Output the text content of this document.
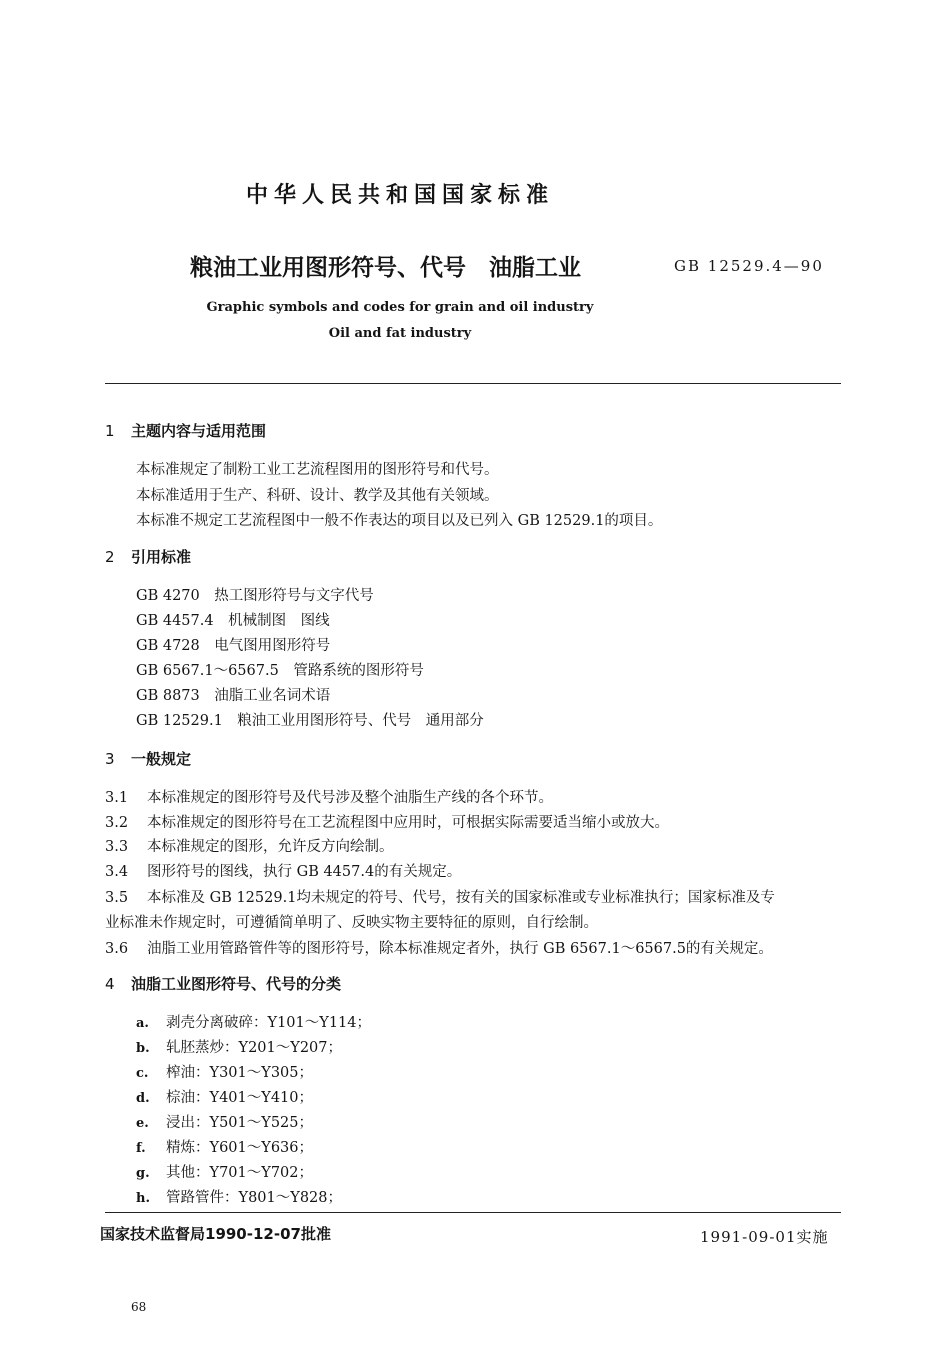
中华人民共和国国家标准
粮油工业用图形符号、代号　油脂工业	GB 12529.4—90
Graphic symbols and codes for grain and oil industry
Oil and fat industry
1 主题内容与适用范围
本标准规定了制粉工业工艺流程图用的图形符号和代号。
本标准适用于生产、科研、设计、教学及其他有关领域。
本标准不规定工艺流程图中一般不作表达的项目以及已列入 GB 12529.1的项目。
2 引用标准
GB 4270　热工图形符号与文字代号
GB 4457.4　机械制图　图线
GB 4728　电气图用图形符号
GB 6567.1～6567.5　管路系统的图形符号
GB 8873　油脂工业名词术语
GB 12529.1　粮油工业用图形符号、代号　通用部分
3 一般规定
3.1 本标准规定的图形符号及代号涉及整个油脂生产线的各个环节。
3.2 本标准规定的图形符号在工艺流程图中应用时，可根据实际需要适当缩小或放大。
3.3 本标准规定的图形，允许反方向绘制。
3.4 图形符号的图线，执行 GB 4457.4的有关规定。
3.5 本标准及 GB 12529.1均未规定的符号、代号，按有关的国家标准或专业标准执行；国家标准及专
业标准未作规定时，可遵循简单明了、反映实物主要特征的原则，自行绘制。
3.6 油脂工业用管路管件等的图形符号，除本标准规定者外，执行 GB 6567.1～6567.5的有关规定。
4 油脂工业图形符号、代号的分类
a. 剥壳分离破碎：Y101～Y114；
b. 轧胚蒸炒：Y201～Y207；
c. 榨油：Y301～Y305；
d. 棕油：Y401～Y410；
e. 浸出：Y501～Y525；
f. 精炼：Y601～Y636；
g. 其他：Y701～Y702；
h. 管路管件：Y801～Y828；
国家技术监督局1990-12-07批准	1991-09-01实施
68
